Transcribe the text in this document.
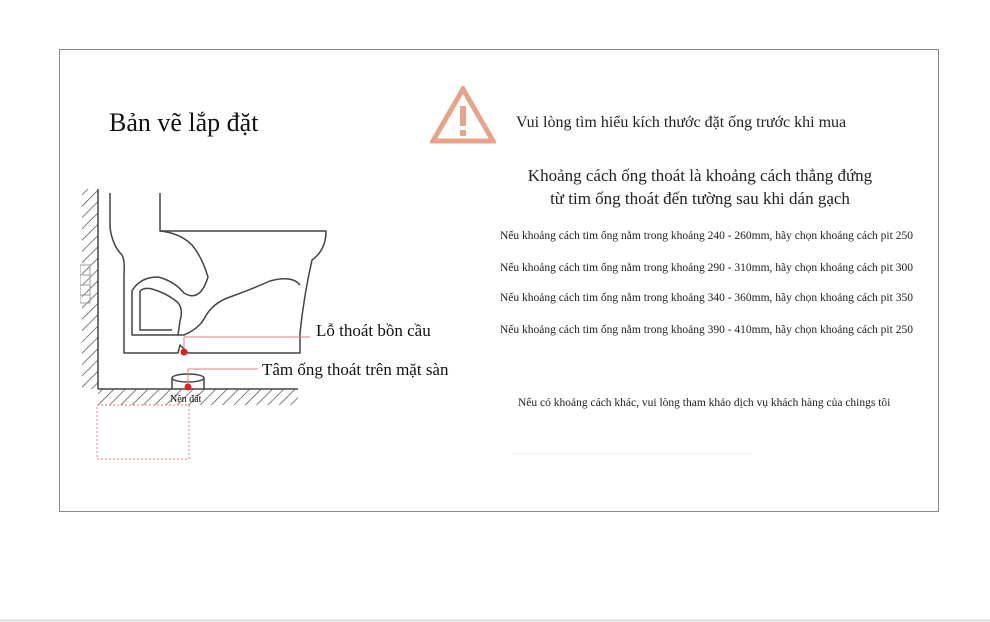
Bản vẽ lắp đặt	Vui lòng tìm hiểu kích thước đặt ống trước khi mua
Khoảng cách ống thoát là khoảng cách thẳng đứng
từ tim ống thoát đến tường sau khi dán gạch
Nếu khoảng cách tim ống nằm trong khoảng 240 - 260mm, hãy chọn khoảng cách pit 250
Nếu khoảng cách tim ống nằm trong khoảng 290 - 310mm, hãy chọn khoảng cách pit 300
Nếu khoảng cách tim ống nằm trong khoảng 340 - 360mm, hãy chọn khoảng cách pit 350
Nếu khoảng cách tim ống nằm trong khoảng 390 - 410mm, hãy chọn khoảng cách pit 250
Nếu có khoảng cách khác, vui lòng tham khảo dịch vụ khách hàng của chings tôi
Lỗ thoát bồn cầu
Tâm ống thoát trên mặt sàn
Nền đất
